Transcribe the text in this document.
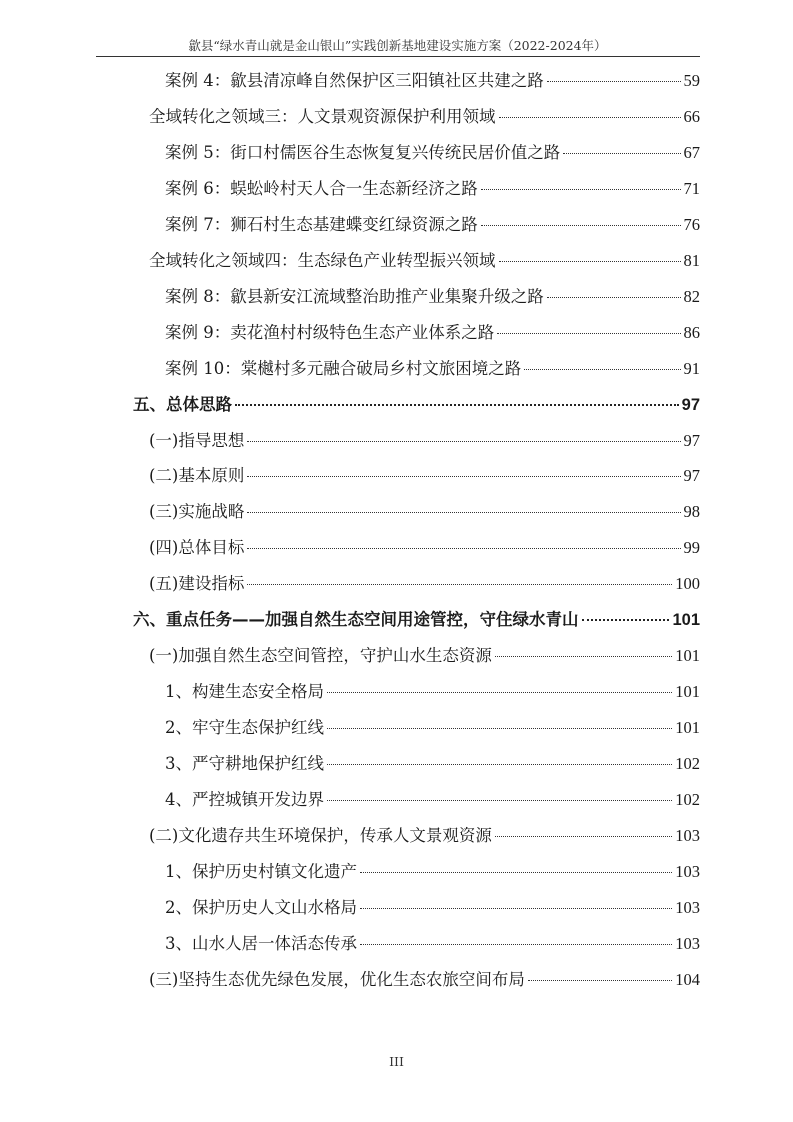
歙县“绿水青山就是金山银山”实践创新基地建设实施方案（2022-2024年）
案例 4：歙县清凉峰自然保护区三阳镇社区共建之路	59
全域转化之领域三：人文景观资源保护利用领域	66
案例 5：街口村儒医谷生态恢复复兴传统民居价值之路	67
案例 6：蜈蚣岭村天人合一生态新经济之路	71
案例 7：狮石村生态基建蝶变红绿资源之路	76
全域转化之领域四：生态绿色产业转型振兴领域	81
案例 8：歙县新安江流域整治助推产业集聚升级之路	82
案例 9：卖花渔村村级特色生态产业体系之路	86
案例 10：棠樾村多元融合破局乡村文旅困境之路	91
五、总体思路	97
(一)指导思想	97
(二)基本原则	97
(三)实施战略	98
(四)总体目标	99
(五)建设指标	100
六、重点任务——加强自然生态空间用途管控，守住绿水青山	101
(一)加强自然生态空间管控，守护山水生态资源	101
1、构建生态安全格局	101
2、牢守生态保护红线	101
3、严守耕地保护红线	102
4、严控城镇开发边界	102
(二)文化遗存共生环境保护，传承人文景观资源	103
1、保护历史村镇文化遗产	103
2、保护历史人文山水格局	103
3、山水人居一体活态传承	103
(三)坚持生态优先绿色发展，优化生态农旅空间布局	104
III
